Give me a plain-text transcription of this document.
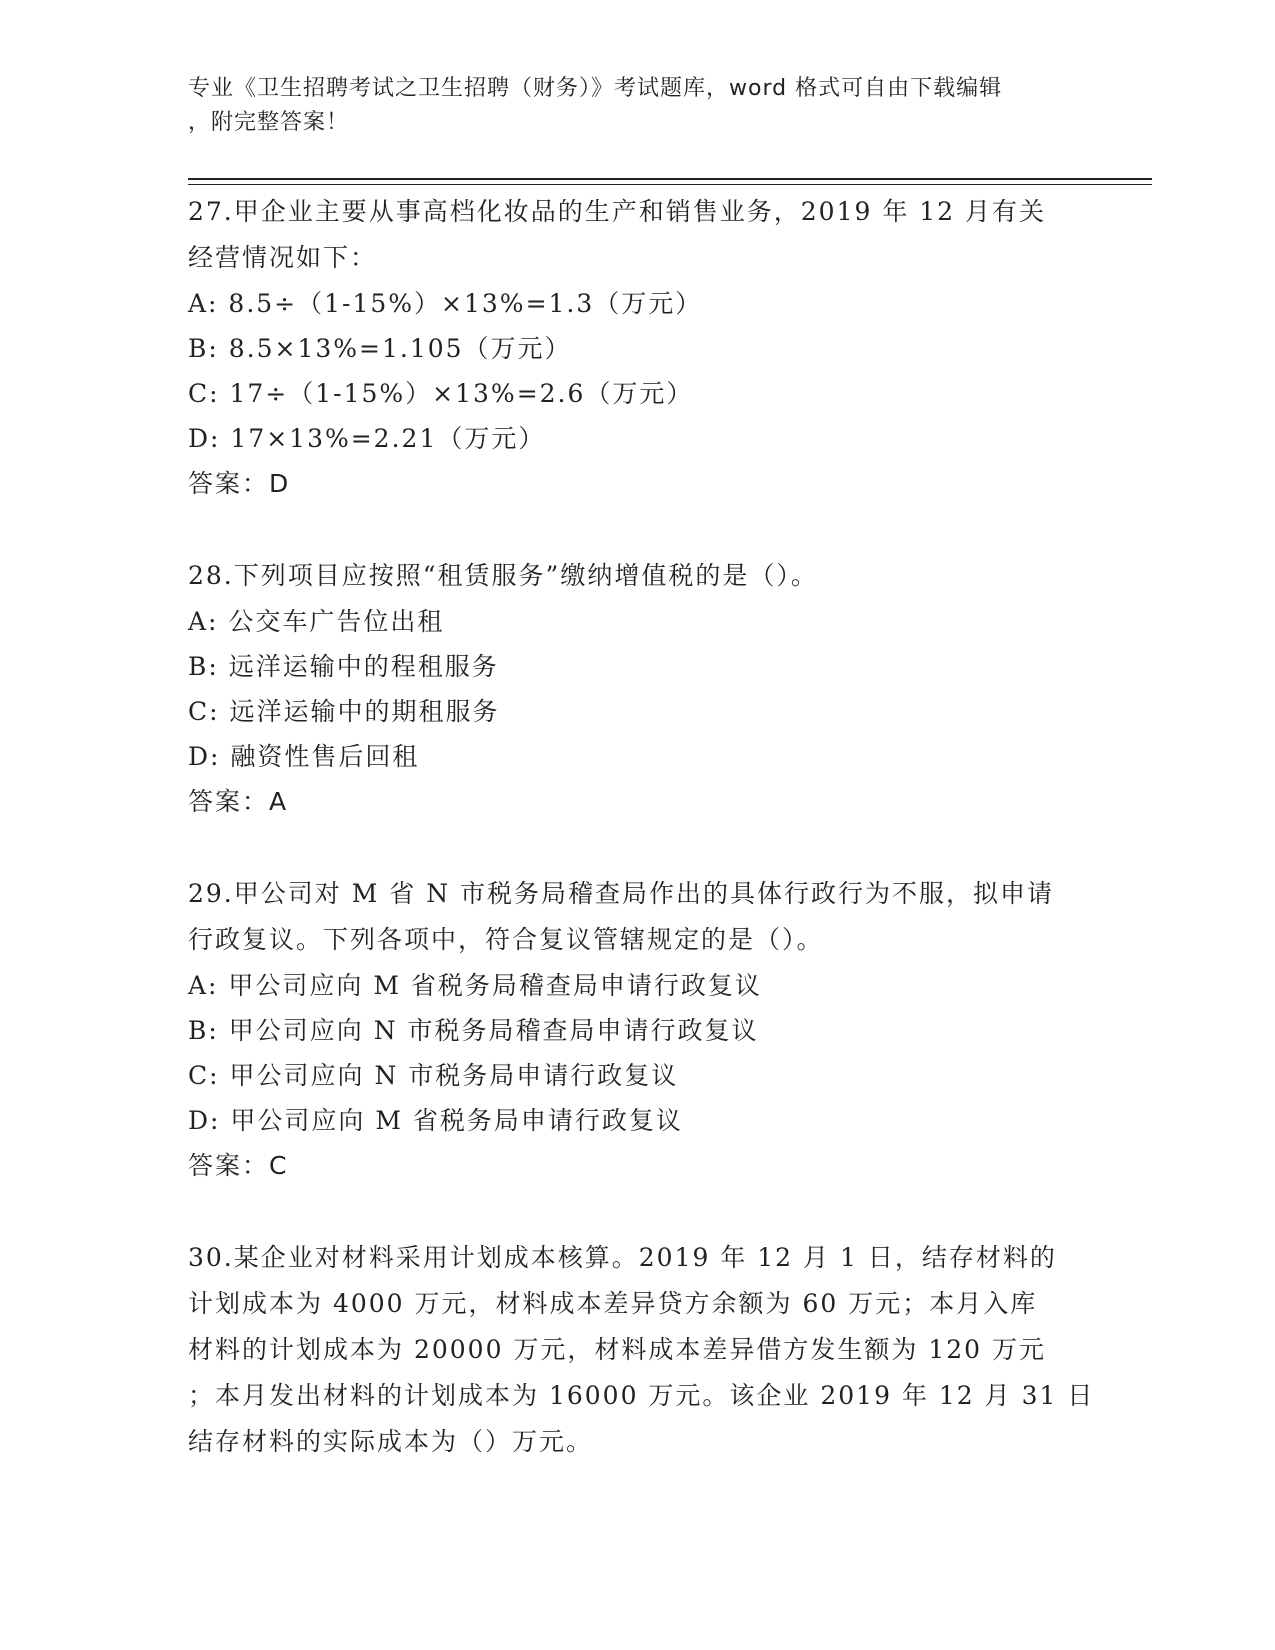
专业《卫生招聘考试之卫生招聘（财务）》考试题库，word 格式可自由下载编辑
，附完整答案！
27.甲企业主要从事高档化妆品的生产和销售业务，2019 年 12 月有关
经营情况如下：
A: 8.5÷（1-15%）×13%=1.3（万元）
B: 8.5×13%=1.105（万元）
C: 17÷（1-15%）×13%=2.6（万元）
D: 17×13%=2.21（万元）
答案：D
28.下列项目应按照“租赁服务”缴纳增值税的是（）。
A: 公交车广告位出租
B: 远洋运输中的程租服务
C: 远洋运输中的期租服务
D: 融资性售后回租
答案：A
29.甲公司对 M 省 N 市税务局稽查局作出的具体行政行为不服，拟申请
行政复议。下列各项中，符合复议管辖规定的是（）。
A: 甲公司应向 M 省税务局稽查局申请行政复议
B: 甲公司应向 N 市税务局稽查局申请行政复议
C: 甲公司应向 N 市税务局申请行政复议
D: 甲公司应向 M 省税务局申请行政复议
答案：C
30.某企业对材料采用计划成本核算。2019 年 12 月 1 日，结存材料的
计划成本为 4000 万元，材料成本差异贷方余额为 60 万元；本月入库
材料的计划成本为 20000 万元，材料成本差异借方发生额为 120 万元
；本月发出材料的计划成本为 16000 万元。该企业 2019 年 12 月 31 日
结存材料的实际成本为（）万元。
